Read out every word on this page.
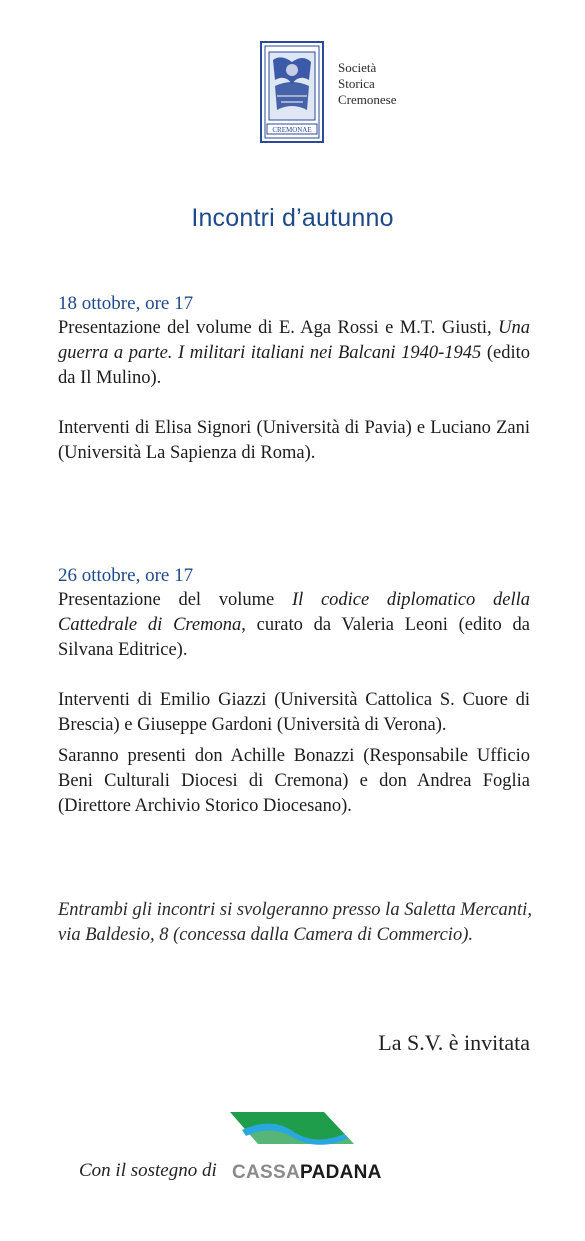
CREMONAE
Società
Storica
Cremonese
Incontri d’autunno
18 ottobre, ore 17

Presentazione del volume di E. Aga Rossi e M.T. Giusti, Una guerra a parte. I militari italiani nei Balcani 1940-1945 (edito da Il Mulino).

Interventi di Elisa Signori (Università di Pavia) e Luciano Zani (Università La Sapienza di Roma).

26 ottobre, ore 17

Presentazione del volume Il codice diplomatico della Cattedrale di Cremona, curato da Valeria Leoni (edito da Silvana Editrice).

Interventi di Emilio Giazzi (Università Cattolica S. Cuore di Brescia) e Giuseppe Gardoni (Università di Verona).

Saranno presenti don Achille Bonazzi (Responsabile Ufficio Beni Culturali Diocesi di Cremona) e don Andrea Foglia (Direttore Archivio Storico Diocesano).

Entrambi gli incontri si svolgeranno presso la Saletta Mercanti,
via Baldesio, 8 (concessa dalla Camera di Commercio).
La S.V. è invitata
Con il sostegno di CASSAPADANA
